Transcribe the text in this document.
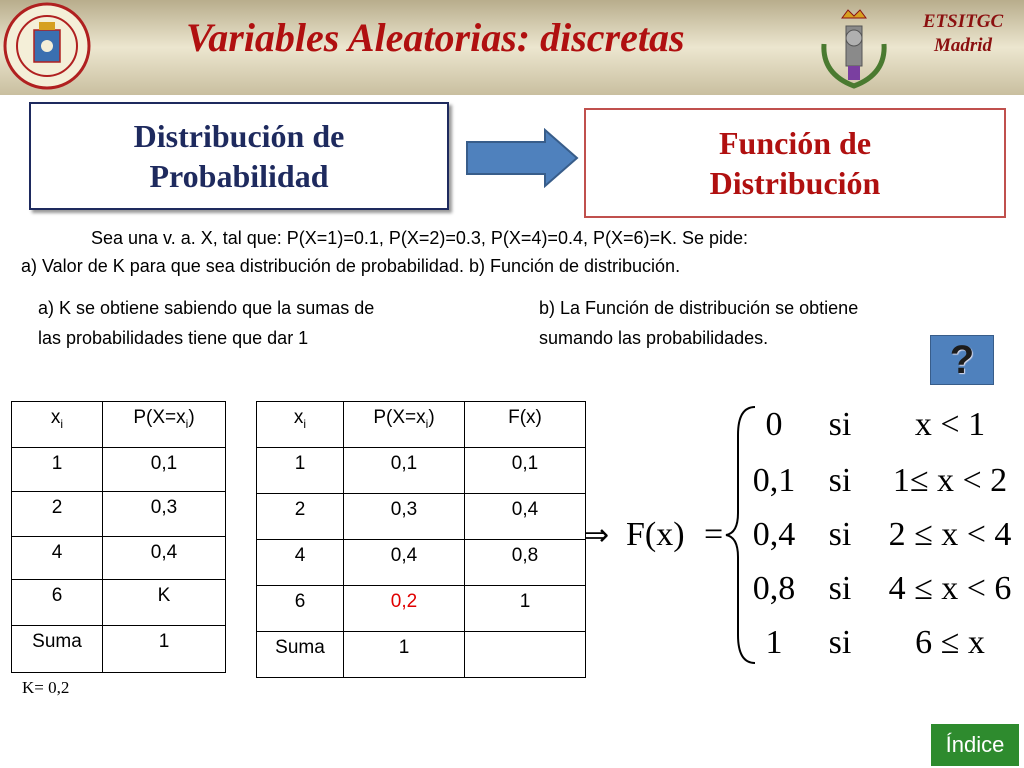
Variables Aleatorias: discretas	ETSITGC
Madrid
Distribución de
Probabilidad
Función de
Distribución
Sea una v. a. X, tal que: P(X=1)=0.1, P(X=2)=0.3, P(X=4)=0.4, P(X=6)=K. Se pide:
a) Valor de K para que sea distribución de probabilidad. b) Función de distribución.
a) K se obtiene sabiendo que la sumas de las probabilidades tiene que dar 1
b) La Función de distribución se obtiene sumando las probabilidades.	?
$x_i$	$P(X=x_i)$
1	0,1
2	0,3
4	0,4
6	K
Suma	1
$x_i$	$P(X=x_i)$	F(x)
1	0,1	0,1
2	0,3	0,4
4	0,4	0,8
6	0,2	1
Suma	1	
K= 0,2
⇒ F(x) =
0 si x < 1
0,1 si 1≤ x < 2
0,4 si 2 ≤ x < 4
0,8 si 4 ≤ x < 6
1 si 6 ≤ x
Índice
